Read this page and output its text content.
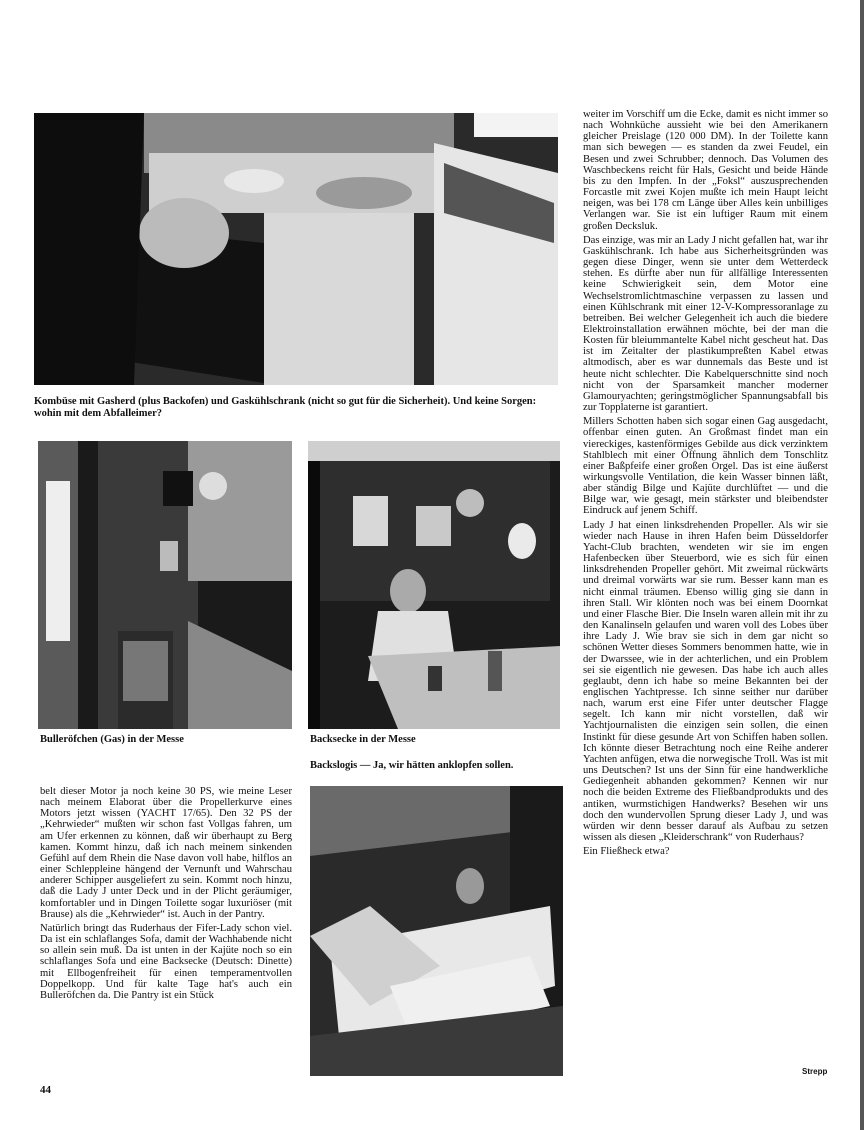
Kombüse mit Gasherd (plus Backofen) und Gaskühlschrank (nicht so gut für die Sicherheit). Und keine Sorgen: wohin mit dem Abfalleimer?
Bulleröfchen (Gas) in der Messe	Backsecke in der Messe
Backslogis — Ja, wir hätten anklopfen sollen.

weiter im Vorschiff um die Ecke, damit es nicht immer so nach Wohnküche aussieht wie bei den Amerikanern gleicher Preislage (120 000 DM). In der Toilette kann man sich bewegen — es standen da zwei Feudel, ein Besen und zwei Schrubber; dennoch. Das Volumen des Waschbeckens reicht für Hals, Gesicht und beide Hände bis zu den Impfen. In der „Foksl“ auszusprechenden Forcastle mit zwei Kojen mußte ich mein Haupt leicht neigen, was bei 178 cm Länge über Alles kein unbilliges Verlangen war. Sie ist ein luftiger Raum mit einem großen Decksluk.

Das einzige, was mir an Lady J nicht gefallen hat, war ihr Gaskühlschrank. Ich habe aus Sicherheitsgründen was gegen diese Dinger, wenn sie unter dem Wetterdeck stehen. Es dürfte aber nun für allfällige Interessenten keine Schwierigkeit sein, dem Motor eine Wechselstromlichtmaschine verpassen zu lassen und einen Kühlschrank mit einer 12-V-Kompressoranlage zu betreiben. Bei welcher Gelegenheit ich auch die biedere Elektroinstallation erwähnen möchte, bei der man die Kosten für bleiummantelte Kabel nicht gescheut hat. Das ist im Zeitalter der plastikumpreßten Kabel etwas altmodisch, aber es war dunnemals das Beste und ist heute nicht schlechter. Die Kabelquerschnitte sind noch nicht von der Sparsamkeit mancher moderner Glamouryachten; geringstmöglicher Spannungsabfall bis zur Topplaterne ist garantiert.

Millers Schotten haben sich sogar einen Gag ausgedacht, offenbar einen guten. An Großmast findet man ein viereckiges, kastenförmiges Gebilde aus dick verzinktem Stahlblech mit einer Öffnung ähnlich dem Tonschlitz einer Baßpfeife einer großen Orgel. Das ist eine äußerst wirkungsvolle Ventilation, die kein Wasser binnen läßt, aber ständig Bilge und Kajüte durchlüftet — und die Bilge war, wie gesagt, mein stärkster und bleibendster Eindruck auf jenem Schiff.

Lady J hat einen linksdrehenden Propeller. Als wir sie wieder nach Hause in ihren Hafen beim Düsseldorfer Yacht-Club brachten, wendeten wir sie im engen Hafenbecken über Steuerbord, wie es sich für einen linksdrehenden Propeller gehört. Mit zweimal rückwärts und dreimal vorwärts war sie rum. Besser kann man es nicht einmal träumen. Ebenso willig ging sie dann in ihren Stall. Wir klönten noch was bei einem Doornkat und einer Flasche Bier. Die Inseln waren allein mit ihr zu den Kanalinseln gelaufen und waren voll des Lobes über ihre Lady J. Wie brav sie sich in dem gar nicht so schönen Wetter dieses Sommers benommen hatte, wie in der Dwarssee, wie in der achterlichen, und ein Problem sei sie eigentlich nie gewesen. Das habe ich auch alles geglaubt, denn ich habe so meine Bekannten bei der englischen Yachtpresse. Ich sinne seither nur darüber nach, warum erst eine Fifer unter deutscher Flagge segelt. Ich kann mir nicht vorstellen, daß wir Yachtjournalisten die einzigen sein sollen, die einen Instinkt für diese gesunde Art von Schiffen haben sollen. Ich könnte dieser Betrachtung noch eine Reihe anderer Yachten anfügen, etwa die norwegische Troll. Was ist mit uns Deutschen? Ist uns der Sinn für eine handwerkliche Gediegenheit abhanden gekommen? Kennen wir nur noch die beiden Extreme des Fließbandprodukts und des antiken, wurmstichigen Handwerks? Besehen wir uns doch den wundervollen Sprung dieser Lady J, und was würden wir denn besser darauf als Aufbau zu setzen wissen als diesen „Kleiderschrank“ von Ruderhaus?

Ein Fließheck etwa?

Strepp

belt dieser Motor ja noch keine 30 PS, wie meine Leser nach meinem Elaborat über die Propellerkurve eines Motors jetzt wissen (YACHT 17/65). Den 32 PS der „Kehrwieder“ mußten wir schon fast Vollgas fahren, um am Ufer erkennen zu können, daß wir überhaupt zu Berg kamen. Kommt hinzu, daß ich nach meinem sinkenden Gefühl auf dem Rhein die Nase davon voll habe, hilflos an einer Schleppleine hängend der Vernunft und Wahrschau anderer Schipper ausgeliefert zu sein. Kommt noch hinzu, daß die Lady J unter Deck und in der Plicht geräumiger, komfortabler und in Dingen Toilette sogar luxuriöser (mit Brause) als die „Kehrwieder“ ist. Auch in der Pantry.

Natürlich bringt das Ruderhaus der Fifer-Lady schon viel. Da ist ein schlaflanges Sofa, damit der Wachhabende nicht so allein sein muß. Da ist unten in der Kajüte noch so ein schlaflanges Sofa und eine Backsecke (Deutsch: Dinette) mit Ellbogenfreiheit für einen temperamentvollen Doppelkopp. Und für kalte Tage hat's auch ein Bulleröfchen da. Die Pantry ist ein Stück

44
